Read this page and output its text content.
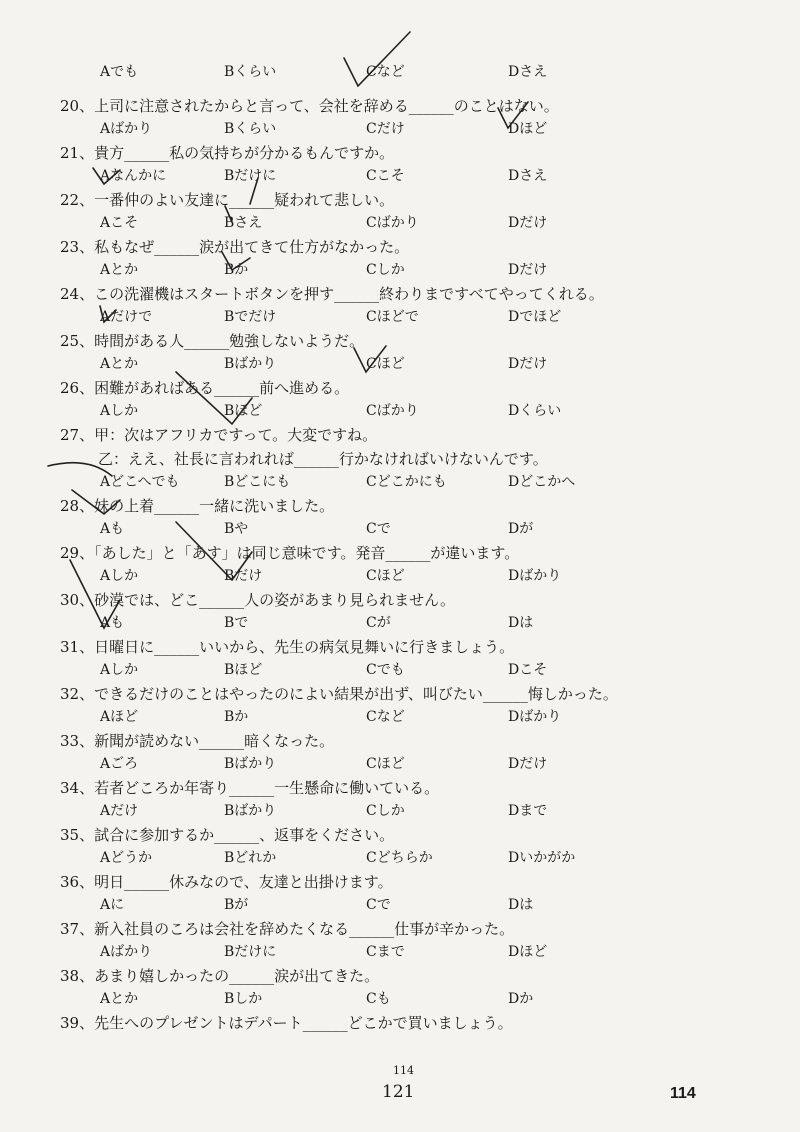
Aでも	Bくらい	Cなど	Dさえ
20、上司に注意されたからと言って、会社を辞める______のことはない。
Aばかり	Bくらい	Cだけ	Dほど
21、貴方______私の気持ちが分かるもんですか。
Aなんかに	Bだけに	Cこそ	Dさえ
22、一番仲のよい友達に______疑われて悲しい。
Aこそ	Bさえ	Cばかり	Dだけ
23、私もなぜ______涙が出てきて仕方がなかった。
Aとか	Bか	Cしか	Dだけ
24、この洗濯機はスタートボタンを押す______終わりまですべてやってくれる。
Aだけで	Bでだけ	Cほどで	Dでほど
25、時間がある人______勉強しないようだ。
Aとか	Bばかり	Cほど	Dだけ
26、困難があればある______前へ進める。
Aしか	Bほど	Cばかり	Dくらい
27、甲：次はアフリカですって。大変ですね。
乙：ええ、社長に言われれば______行かなければいけないんです。
Aどこへでも	Bどこにも	Cどこかにも	Dどこかへ
28、妹の上着______一緒に洗いました。
Aも	Bや	Cで	Dが
29、「あした」と「あす」は同じ意味です。発音______が違います。
Aしか	Bだけ	Cほど	Dばかり
30、砂漠では、どこ______人の姿があまり見られません。
Aも	Bで	Cが	Dは
31、日曜日に______いいから、先生の病気見舞いに行きましょう。
Aしか	Bほど	Cでも	Dこそ
32、できるだけのことはやったのによい結果が出ず、叫びたい______悔しかった。
Aほど	Bか	Cなど	Dばかり
33、新聞が読めない______暗くなった。
Aごろ	Bばかり	Cほど	Dだけ
34、若者どころか年寄り______一生懸命に働いている。
Aだけ	Bばかり	Cしか	Dまで
35、試合に参加するか______、返事をください。
Aどうか	Bどれか	Cどちらか	Dいかがか
36、明日______休みなので、友達と出掛けます。
Aに	Bが	Cで	Dは
37、新入社員のころは会社を辞めたくなる______仕事が辛かった。
Aばかり	Bだけに	Cまで	Dほど
38、あまり嬉しかったの______涙が出てきた。
Aとか	Bしか	Cも	Dか
39、先生へのプレゼントはデパート______どこかで買いましょう。
114
121	114
